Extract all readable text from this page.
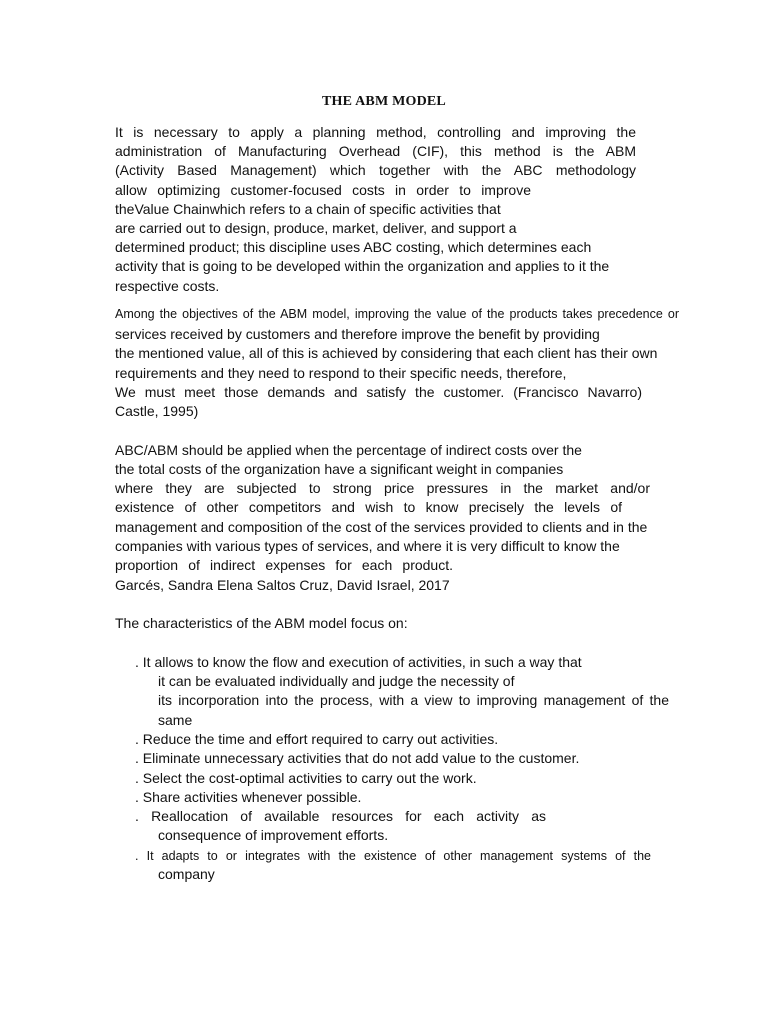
THE ABM MODEL
It is necessary to apply a planning method, controlling and improving the
administration of Manufacturing Overhead (CIF), this method is the ABM
(Activity Based Management) which together with the ABC methodology
allow optimizing customer-focused costs in order to improve
theValue Chainwhich refers to a chain of specific activities that
are carried out to design, produce, market, deliver, and support a
determined product; this discipline uses ABC costing, which determines each
activity that is going to be developed within the organization and applies to it the
respective costs.
Among the objectives of the ABM model, improving the value of the products takes precedence or
services received by customers and therefore improve the benefit by providing
the mentioned value, all of this is achieved by considering that each client has their own
requirements and they need to respond to their specific needs, therefore,
We must meet those demands and satisfy the customer. (Francisco Navarro)
Castle, 1995)
ABC/ABM should be applied when the percentage of indirect costs over the
the total costs of the organization have a significant weight in companies
where they are subjected to strong price pressures in the market and/or
existence of other competitors and wish to know precisely the levels of
management and composition of the cost of the services provided to clients and in the
companies with various types of services, and where it is very difficult to know the
proportion of indirect expenses for each product.
Garcés, Sandra Elena Saltos Cruz, David Israel, 2017
The characteristics of the ABM model focus on:
. It allows to know the flow and execution of activities, in such a way that
it can be evaluated individually and judge the necessity of
its incorporation into the process, with a view to improving management of the
same
. Reduce the time and effort required to carry out activities.
. Eliminate unnecessary activities that do not add value to the customer.
. Select the cost-optimal activities to carry out the work.
. Share activities whenever possible.
. Reallocation of available resources for each activity as
consequence of improvement efforts.
. It adapts to or integrates with the existence of other management systems of the
company
